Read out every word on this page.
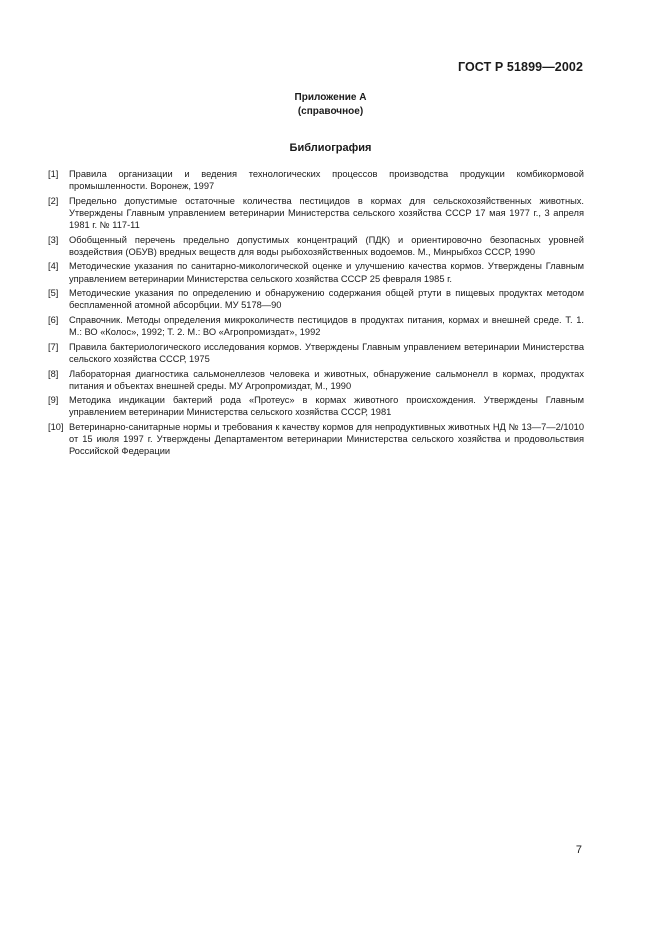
ГОСТ Р 51899—2002
Приложение А
(справочное)
Библиография
[1]	Правила организации и ведения технологических процессов производства продукции комбикормовой промышленности. Воронеж, 1997
[2]	Предельно допустимые остаточные количества пестицидов в кормах для сельскохозяйственных животных. Утверждены Главным управлением ветеринарии Министерства сельского хозяйства СССР 17 мая 1977 г., 3 апреля 1981 г. № 117-11
[3]	Обобщенный перечень предельно допустимых концентраций (ПДК) и ориентировочно безопасных уровней воздействия (ОБУВ) вредных веществ для воды рыбохозяйственных водоемов. М., Минрыбхоз СССР, 1990
[4]	Методические указания по санитарно-микологической оценке и улучшению качества кормов. Утверждены Главным управлением ветеринарии Министерства сельского хозяйства СССР 25 февраля 1985 г.
[5]	Методические указания по определению и обнаружению содержания общей ртути в пищевых продуктах методом беспламенной атомной абсорбции. МУ 5178—90
[6]	Справочник. Методы определения микроколичеств пестицидов в продуктах питания, кормах и внешней среде. Т. 1. М.: ВО «Колос», 1992; Т. 2. М.: ВО «Агропромиздат», 1992
[7]	Правила бактериологического исследования кормов. Утверждены Главным управлением ветеринарии Министерства сельского хозяйства СССР, 1975
[8]	Лабораторная диагностика сальмонеллезов человека и животных, обнаружение сальмонелл в кормах, продуктах питания и объектах внешней среды. МУ Агропромиздат, М., 1990
[9]	Методика индикации бактерий рода «Протеус» в кормах животного происхождения. Утверждены Главным управлением ветеринарии Министерства сельского хозяйства СССР, 1981
[10] Ветеринарно-санитарные нормы и требования к качеству кормов для непродуктивных животных НД № 13—7—2/1010 от 15 июля 1997 г. Утверждены Департаментом ветеринарии Министерства сельского хозяйства и продовольствия Российской Федерации
7
